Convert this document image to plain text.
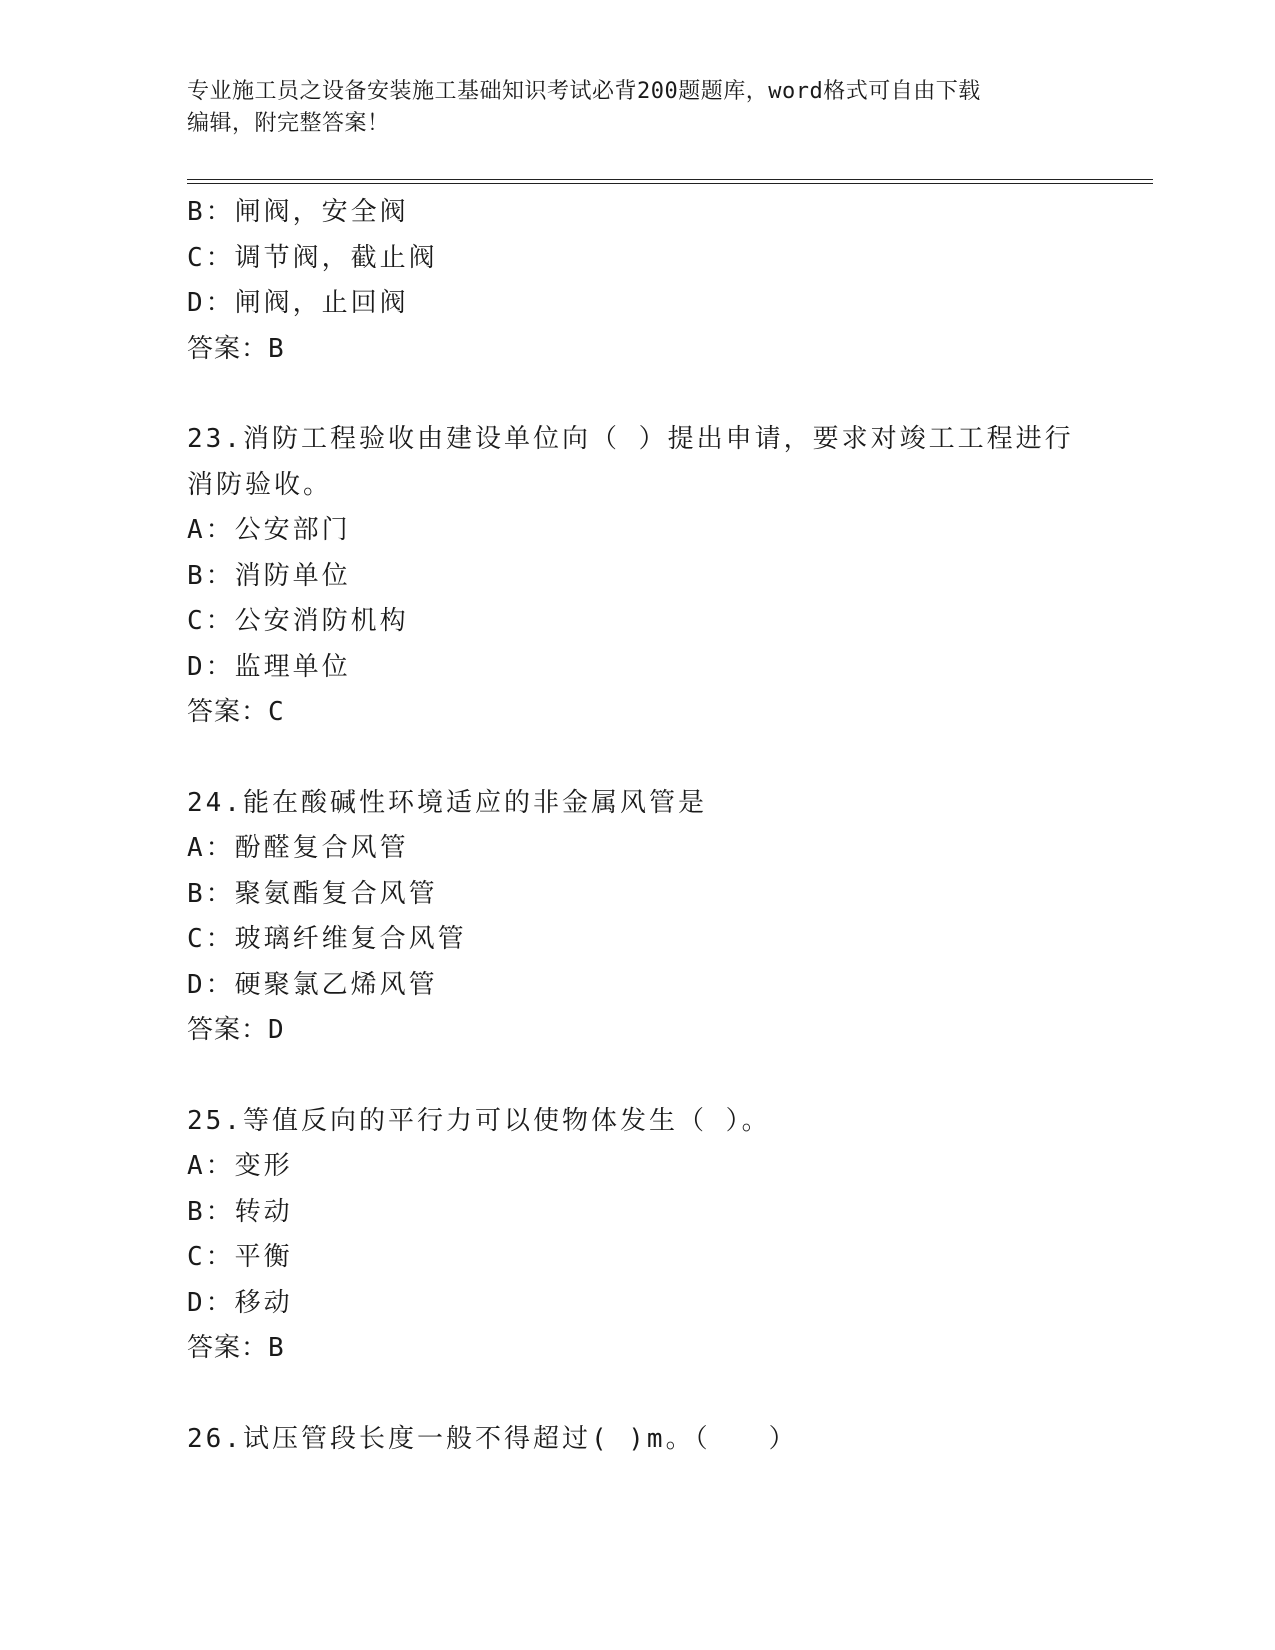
专业施工员之设备安装施工基础知识考试必背200题题库，word格式可自由下载
编辑，附完整答案！
B：闸阀，安全阀
C：调节阀，截止阀
D：闸阀，止回阀
答案：B
23.消防工程验收由建设单位向（ ）提出申请，要求对竣工工程进行
消防验收。
A：公安部门
B：消防单位
C：公安消防机构
D：监理单位
答案：C
24.能在酸碱性环境适应的非金属风管是
A：酚醛复合风管
B：聚氨酯复合风管
C：玻璃纤维复合风管
D：硬聚氯乙烯风管
答案：D
25.等值反向的平行力可以使物体发生（ ）。
A：变形
B：转动
C：平衡
D：移动
答案：B
26.试压管段长度一般不得超过( )m。（　　）
